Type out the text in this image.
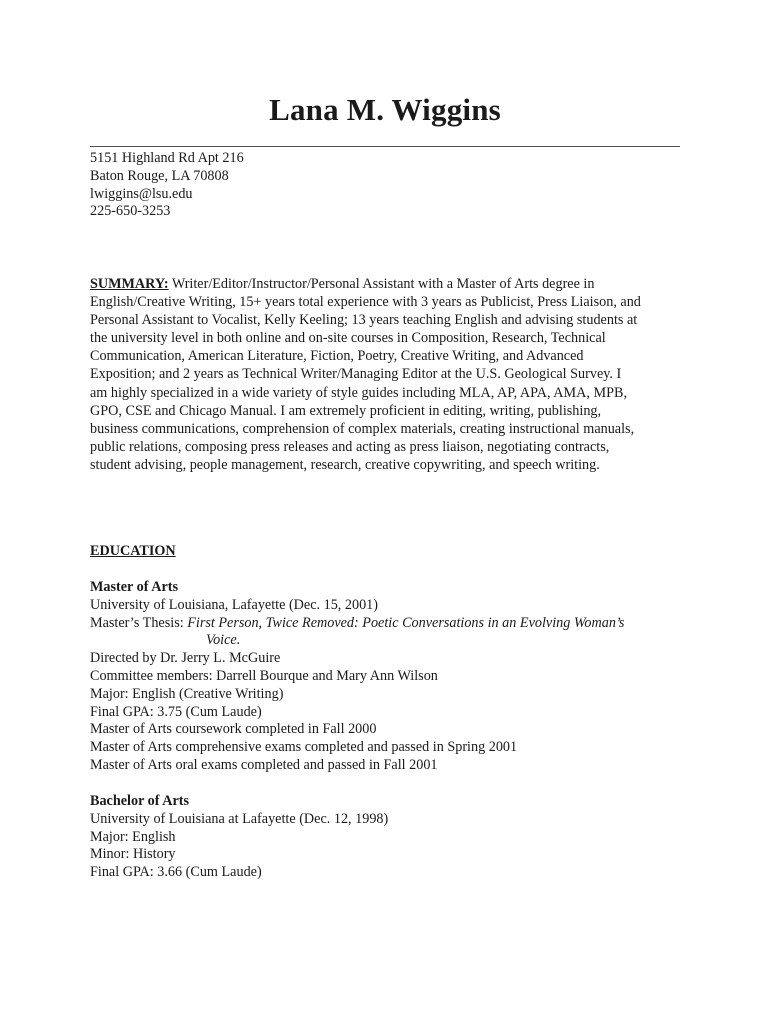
Lana M. Wiggins
5151 Highland Rd Apt 216
Baton Rouge, LA 70808
lwiggins@lsu.edu
225-650-3253
SUMMARY: Writer/Editor/Instructor/Personal Assistant with a Master of Arts degree in
English/Creative Writing, 15+ years total experience with 3 years as Publicist, Press Liaison, and
Personal Assistant to Vocalist, Kelly Keeling; 13 years teaching English and advising students at
the university level in both online and on-site courses in Composition, Research, Technical
Communication, American Literature, Fiction, Poetry, Creative Writing, and Advanced
Exposition; and 2 years as Technical Writer/Managing Editor at the U.S. Geological Survey. I
am highly specialized in a wide variety of style guides including MLA, AP, APA, AMA, MPB,
GPO, CSE and Chicago Manual. I am extremely proficient in editing, writing, publishing,
business communications, comprehension of complex materials, creating instructional manuals,
public relations, composing press releases and acting as press liaison, negotiating contracts,
student advising, people management, research, creative copywriting, and speech writing.
EDUCATION
Master of Arts
University of Louisiana, Lafayette (Dec. 15, 2001)
Master’s Thesis: First Person, Twice Removed: Poetic Conversations in an Evolving Woman’s
Voice.
Directed by Dr. Jerry L. McGuire
Committee members: Darrell Bourque and Mary Ann Wilson
Major: English (Creative Writing)
Final GPA: 3.75 (Cum Laude)
Master of Arts coursework completed in Fall 2000
Master of Arts comprehensive exams completed and passed in Spring 2001
Master of Arts oral exams completed and passed in Fall 2001
Bachelor of Arts
University of Louisiana at Lafayette (Dec. 12, 1998)
Major: English
Minor: History
Final GPA: 3.66 (Cum Laude)
